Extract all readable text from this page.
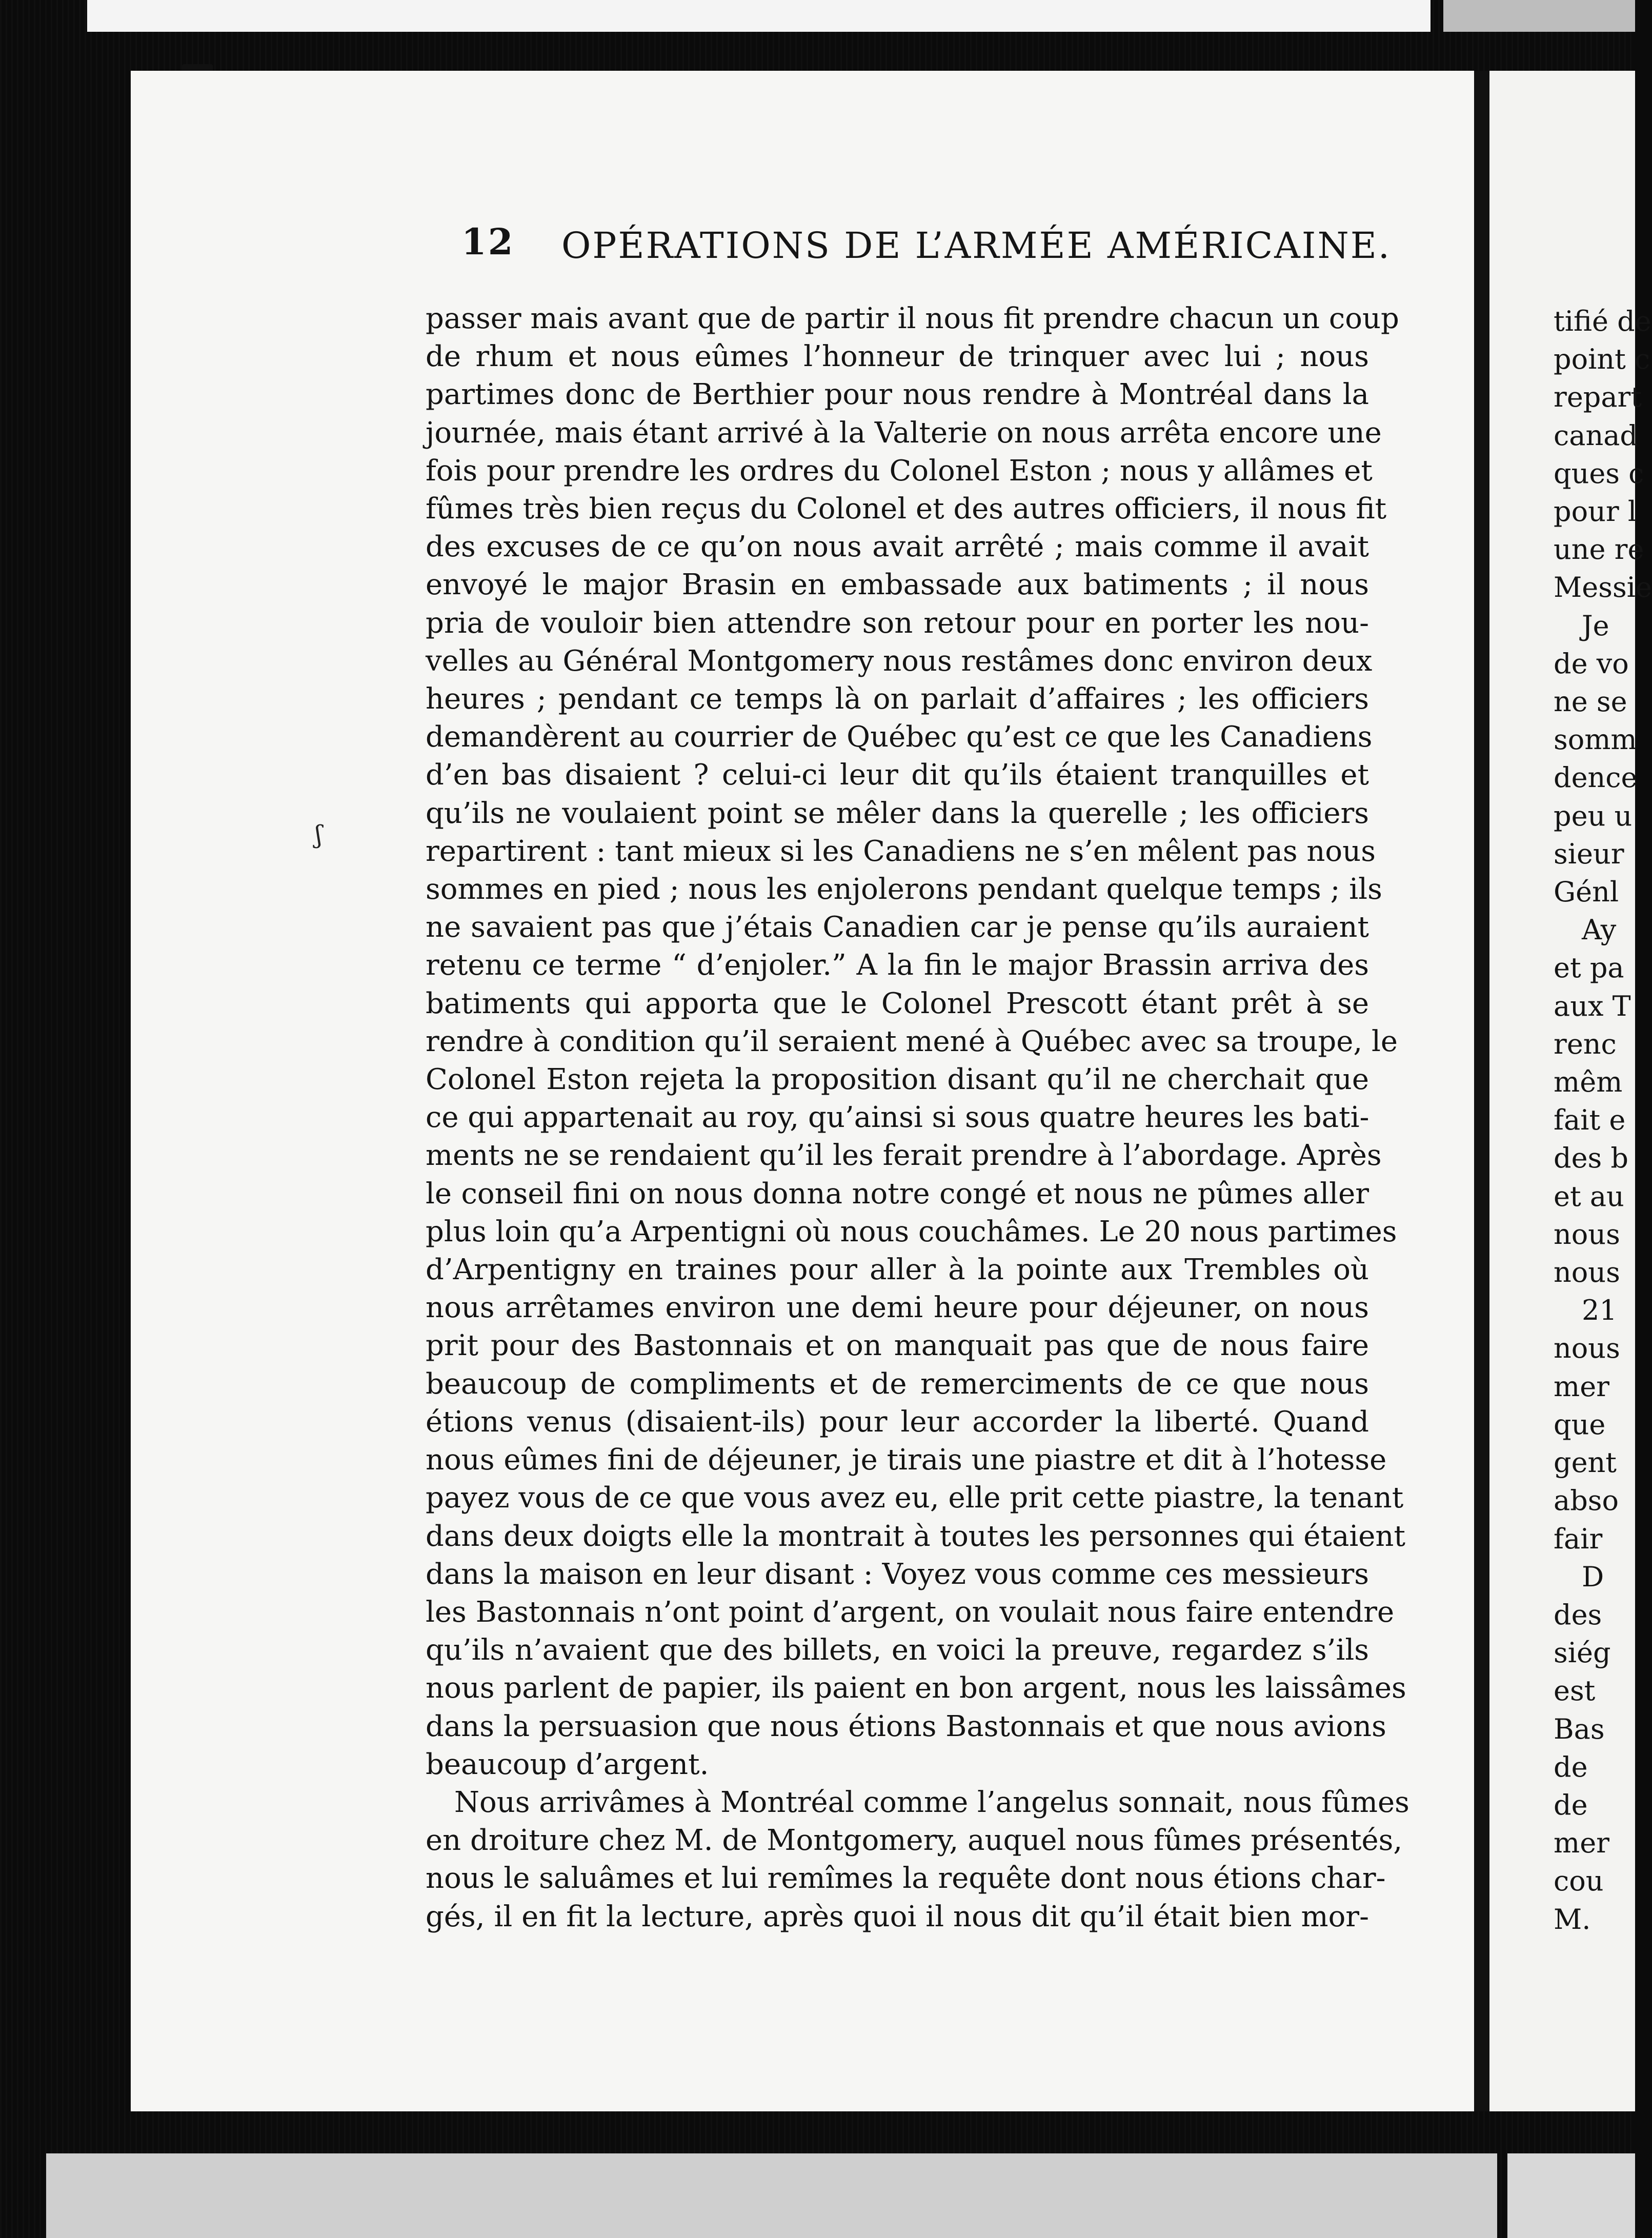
12 OPÉRATIONS DE L’ARMÉE AMÉRICAINE.
passer mais avant que de partir il nous fit prendre chacun un coup
de rhum et nous eûmes l’honneur de trinquer avec lui ; nous
partimes donc de Berthier pour nous rendre à Montréal dans la
journée, mais étant arrivé à la Valterie on nous arrêta encore une
fois pour prendre les ordres du Colonel Eston ; nous y allâmes et
fûmes très bien reçus du Colonel et des autres officiers, il nous fit
des excuses de ce qu’on nous avait arrêté ; mais comme il avait
envoyé le major Brasin en embassade aux batiments ; il nous
pria de vouloir bien attendre son retour pour en porter les nou-
velles au Général Montgomery nous restâmes donc environ deux
heures ; pendant ce temps là on parlait d’affaires ; les officiers
demandèrent au courrier de Québec qu’est ce que les Canadiens
d’en bas disaient ? celui-ci leur dit qu’ils étaient tranquilles et
qu’ils ne voulaient point se mêler dans la querelle ; les officiers
repartirent : tant mieux si les Canadiens ne s’en mêlent pas nous
sommes en pied ; nous les enjolerons pendant quelque temps ; ils
ne savaient pas que j’étais Canadien car je pense qu’ils auraient
retenu ce terme “ d’enjoler.” A la fin le major Brassin arriva des
batiments qui apporta que le Colonel Prescott étant prêt à se
rendre à condition qu’il seraient mené à Québec avec sa troupe, le
Colonel Eston rejeta la proposition disant qu’il ne cherchait que
ce qui appartenait au roy, qu’ainsi si sous quatre heures les bati-
ments ne se rendaient qu’il les ferait prendre à l’abordage. Après
le conseil fini on nous donna notre congé et nous ne pûmes aller
plus loin qu’a Arpentigni où nous couchâmes. Le 20 nous partimes
d’Arpentigny en traines pour aller à la pointe aux Trembles où
nous arrêtames environ une demi heure pour déjeuner, on nous
prit pour des Bastonnais et on manquait pas que de nous faire
beaucoup de compliments et de remerciments de ce que nous
étions venus (disaient-ils) pour leur accorder la liberté. Quand
nous eûmes fini de déjeuner, je tirais une piastre et dit à l’hotesse
payez vous de ce que vous avez eu, elle prit cette piastre, la tenant
dans deux doigts elle la montrait à toutes les personnes qui étaient
dans la maison en leur disant : Voyez vous comme ces messieurs
les Bastonnais n’ont point d’argent, on voulait nous faire entendre
qu’ils n’avaient que des billets, en voici la preuve, regardez s’ils
nous parlent de papier, ils paient en bon argent, nous les laissâmes
dans la persuasion que nous étions Bastonnais et que nous avions
beaucoup d’argent.
Nous arrivâmes à Montréal comme l’angelus sonnait, nous fûmes
en droiture chez M. de Montgomery, auquel nous fûmes présentés,
nous le saluâmes et lui remîmes la requête dont nous étions char-
gés, il en fit la lecture, après quoi il nous dit qu’il était bien mor-
tifié de
point c
repart
canad
ques c
pour l
une re
Messie
Je
de vo
ne se
somm
dence
peu u
sieur
Génl
Ay
et pa
aux T
renc
mêm
fait e
des b
et au
nous
nous
21
nous
mer
que
gent
abso
fair
D
des
siég
est
Bas
de
de
mer
cou
M.
ʃ
